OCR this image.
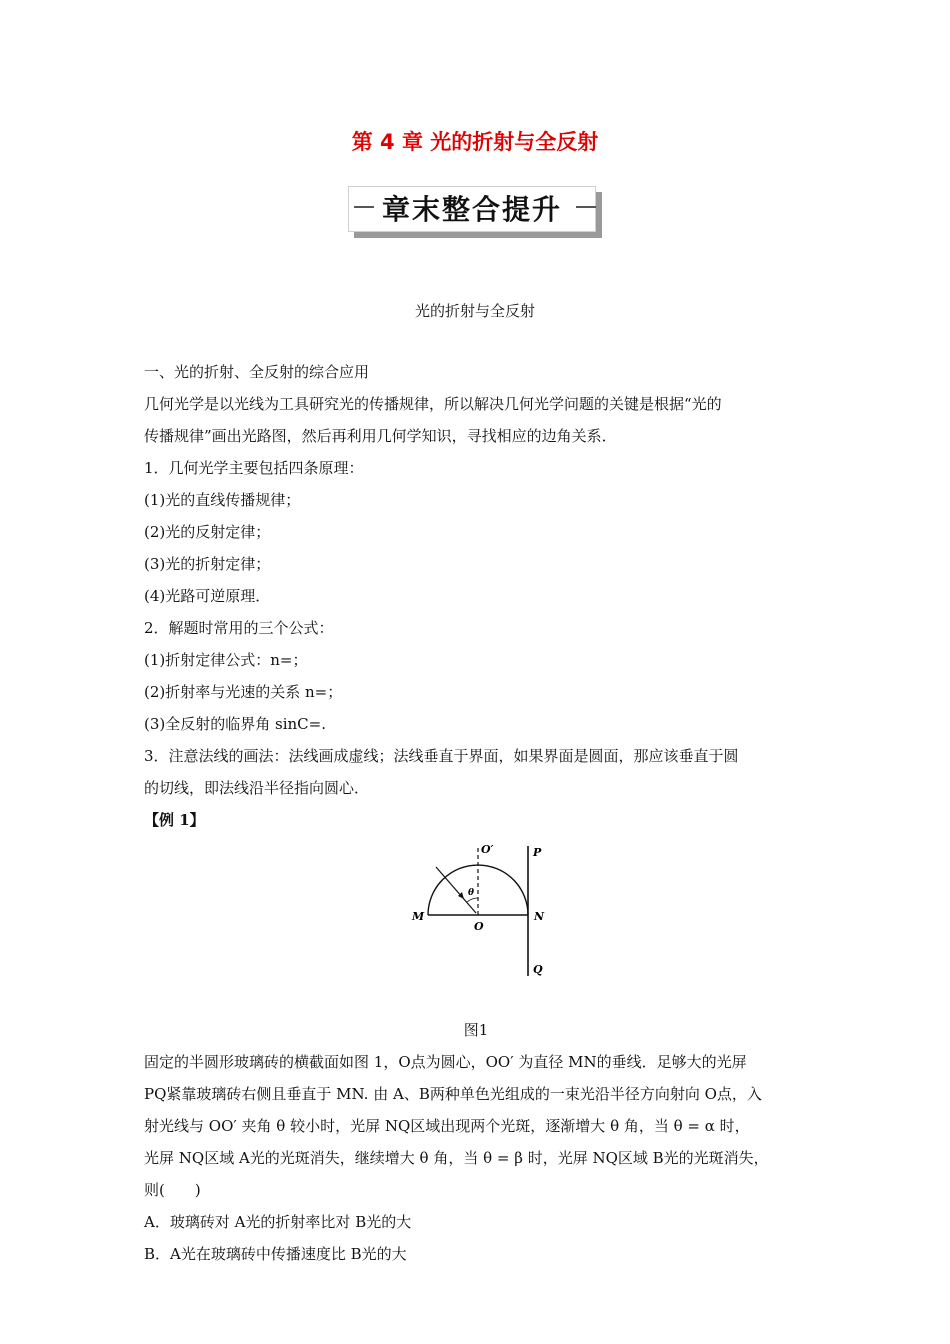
第 4 章 光的折射与全反射
章末整合提升
光的折射与全反射

一、光的折射、全反射的综合应用

几何光学是以光线为工具研究光的传播规律，所以解决几何光学问题的关键是根据“光的

传播规律”画出光路图，然后再利用几何学知识，寻找相应的边角关系．

1．几何光学主要包括四条原理：

(1)光的直线传播规律；

(2)光的反射定律；

(3)光的折射定律；

(4)光路可逆原理．

2．解题时常用的三个公式：

(1)折射定律公式：n=；

(2)折射率与光速的关系 n=；

(3)全反射的临界角 sinC=.

3．注意法线的画法：法线画成虚线；法线垂直于界面，如果界面是圆面，那应该垂直于圆

的切线，即法线沿半径指向圆心．

【例 1】

O′	P
θ
M
O
N
Q

图1

固定的半圆形玻璃砖的横截面如图 1，O点为圆心，OO′ 为直径 MN的垂线．足够大的光屏

PQ紧靠玻璃砖右侧且垂直于 MN. 由 A、B两种单色光组成的一束光沿半径方向射向 O点，入

射光线与 OO′ 夹角 θ 较小时，光屏 NQ区域出现两个光斑，逐渐增大 θ 角，当 θ = α 时，

光屏 NQ区域 A光的光斑消失，继续增大 θ 角，当 θ = β 时，光屏 NQ区域 B光的光斑消失，

则(　　)

A．玻璃砖对 A光的折射率比对 B光的大

B．A光在玻璃砖中传播速度比 B光的大
